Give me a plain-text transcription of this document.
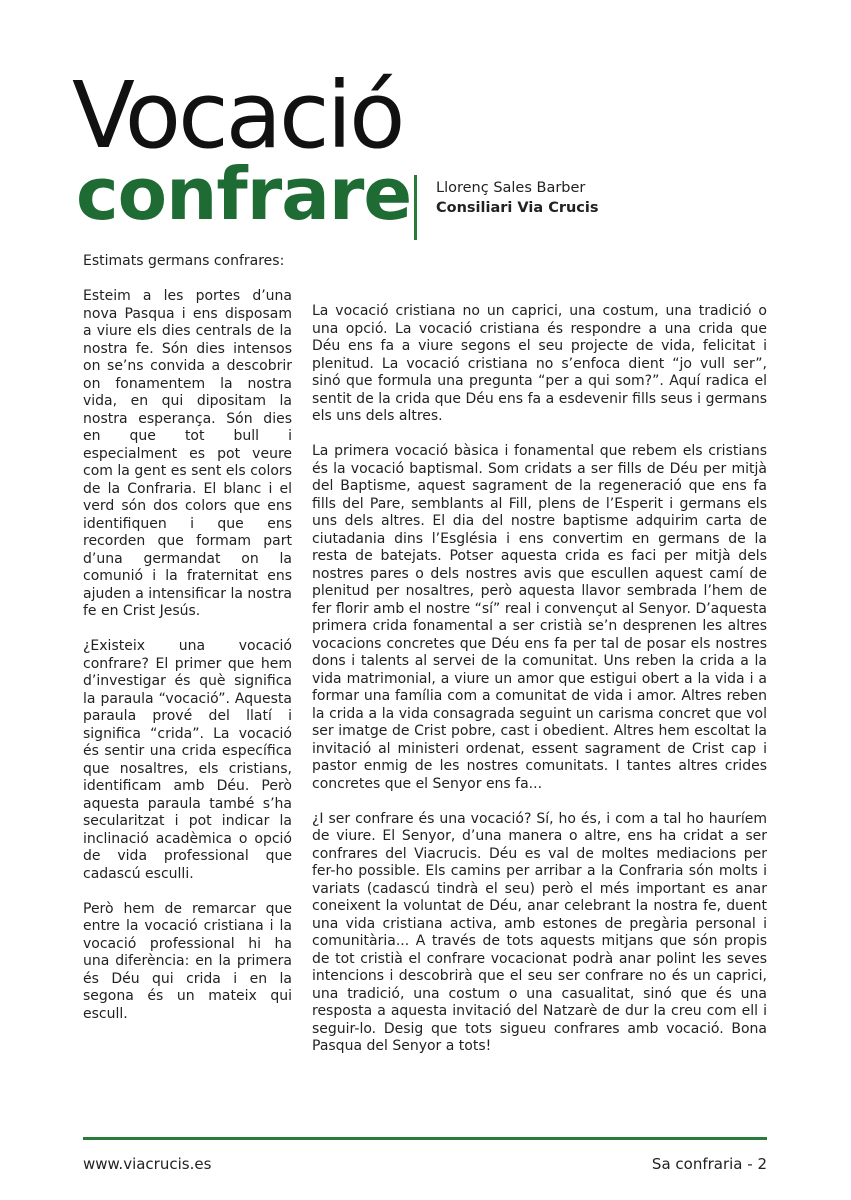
Vocació
confrare Llorenç Sales Barber
Consiliari Via Crucis

Estimats germans confrares:

Esteim a les portes d’una nova Pasqua i ens disposam a viure els dies centrals de la nostra fe. Són dies intensos on se’ns convida a descobrir on fonamentem la nostra vida, en qui dipositam la nostra esperança. Són dies en que tot bull i especialment es pot veure com la gent es sent els colors de la Confraria. El blanc i el verd són dos colors que ens identifiquen i que ens recorden que formam part d’una germandat on la comunió i la fraternitat ens ajuden a intensificar la nostra fe en Crist Jesús.

¿Existeix una vocació confrare? El primer que hem d’investigar és què significa la paraula “vocació”. Aquesta paraula prové del llatí i significa “crida”. La vocació és sentir una crida específica que nosaltres, els cristians, identificam amb Déu. Però aquesta paraula també s’ha secularitzat i pot indicar la inclinació acadèmica o opció de vida professional que cadascú esculli.

Però hem de remarcar que entre la vocació cristiana i la vocació professional hi ha una diferència: en la primera és Déu qui crida i en la segona és un mateix qui escull.

La vocació cristiana no un caprici, una costum, una tradició o una opció. La vocació cristiana és respondre a una crida que Déu ens fa a viure segons el seu projecte de vida, felicitat i plenitud. La vocació cristiana no s’enfoca dient “jo vull ser”, sinó que formula una pregunta “per a qui som?”. Aquí radica el sentit de la crida que Déu ens fa a esdevenir fills seus i germans els uns dels altres.

La primera vocació bàsica i fonamental que rebem els cristians és la vocació baptismal. Som cridats a ser fills de Déu per mitjà del Baptisme, aquest sagrament de la regeneració que ens fa fills del Pare, semblants al Fill, plens de l’Esperit i germans els uns dels altres. El dia del nostre baptisme adquirim carta de ciutadania dins l’Església i ens convertim en germans de la resta de batejats. Potser aquesta crida es faci per mitjà dels nostres pares o dels nostres avis que escullen aquest camí de plenitud per nosaltres, però aquesta llavor sembrada l’hem de fer florir amb el nostre “sí” real i convençut al Senyor. D’aquesta primera crida fonamental a ser cristià se’n desprenen les altres vocacions concretes que Déu ens fa per tal de posar els nostres dons i talents al servei de la comunitat. Uns reben la crida a la vida matrimonial, a viure un amor que estigui obert a la vida i a formar una família com a comunitat de vida i amor. Altres reben la crida a la vida consagrada seguint un carisma concret que vol ser imatge de Crist pobre, cast i obedient. Altres hem escoltat la invitació al ministeri ordenat, essent sagrament de Crist cap i pastor enmig de les nostres comunitats. I tantes altres crides concretes que el Senyor ens fa...

¿I ser confrare és una vocació? Sí, ho és, i com a tal ho hauríem de viure. El Senyor, d’una manera o altre, ens ha cridat a ser confrares del Viacrucis. Déu es val de moltes mediacions per fer-ho possible. Els camins per arribar a la Confraria són molts i variats (cadascú tindrà el seu) però el més important es anar coneixent la voluntat de Déu, anar celebrant la nostra fe, duent una vida cristiana activa, amb estones de pregària personal i comunitària... A través de tots aquests mitjans que són propis de tot cristià el confrare vocacionat podrà anar polint les seves intencions i descobrirà que el seu ser confrare no és un caprici, una tradició, una costum o una casualitat, sinó que és una resposta a aquesta invitació del Natzarè de dur la creu com ell i seguir-lo. Desig que tots sigueu confrares amb vocació. Bona Pasqua del Senyor a tots!

www.viacrucis.es	Sa confraria - 2
